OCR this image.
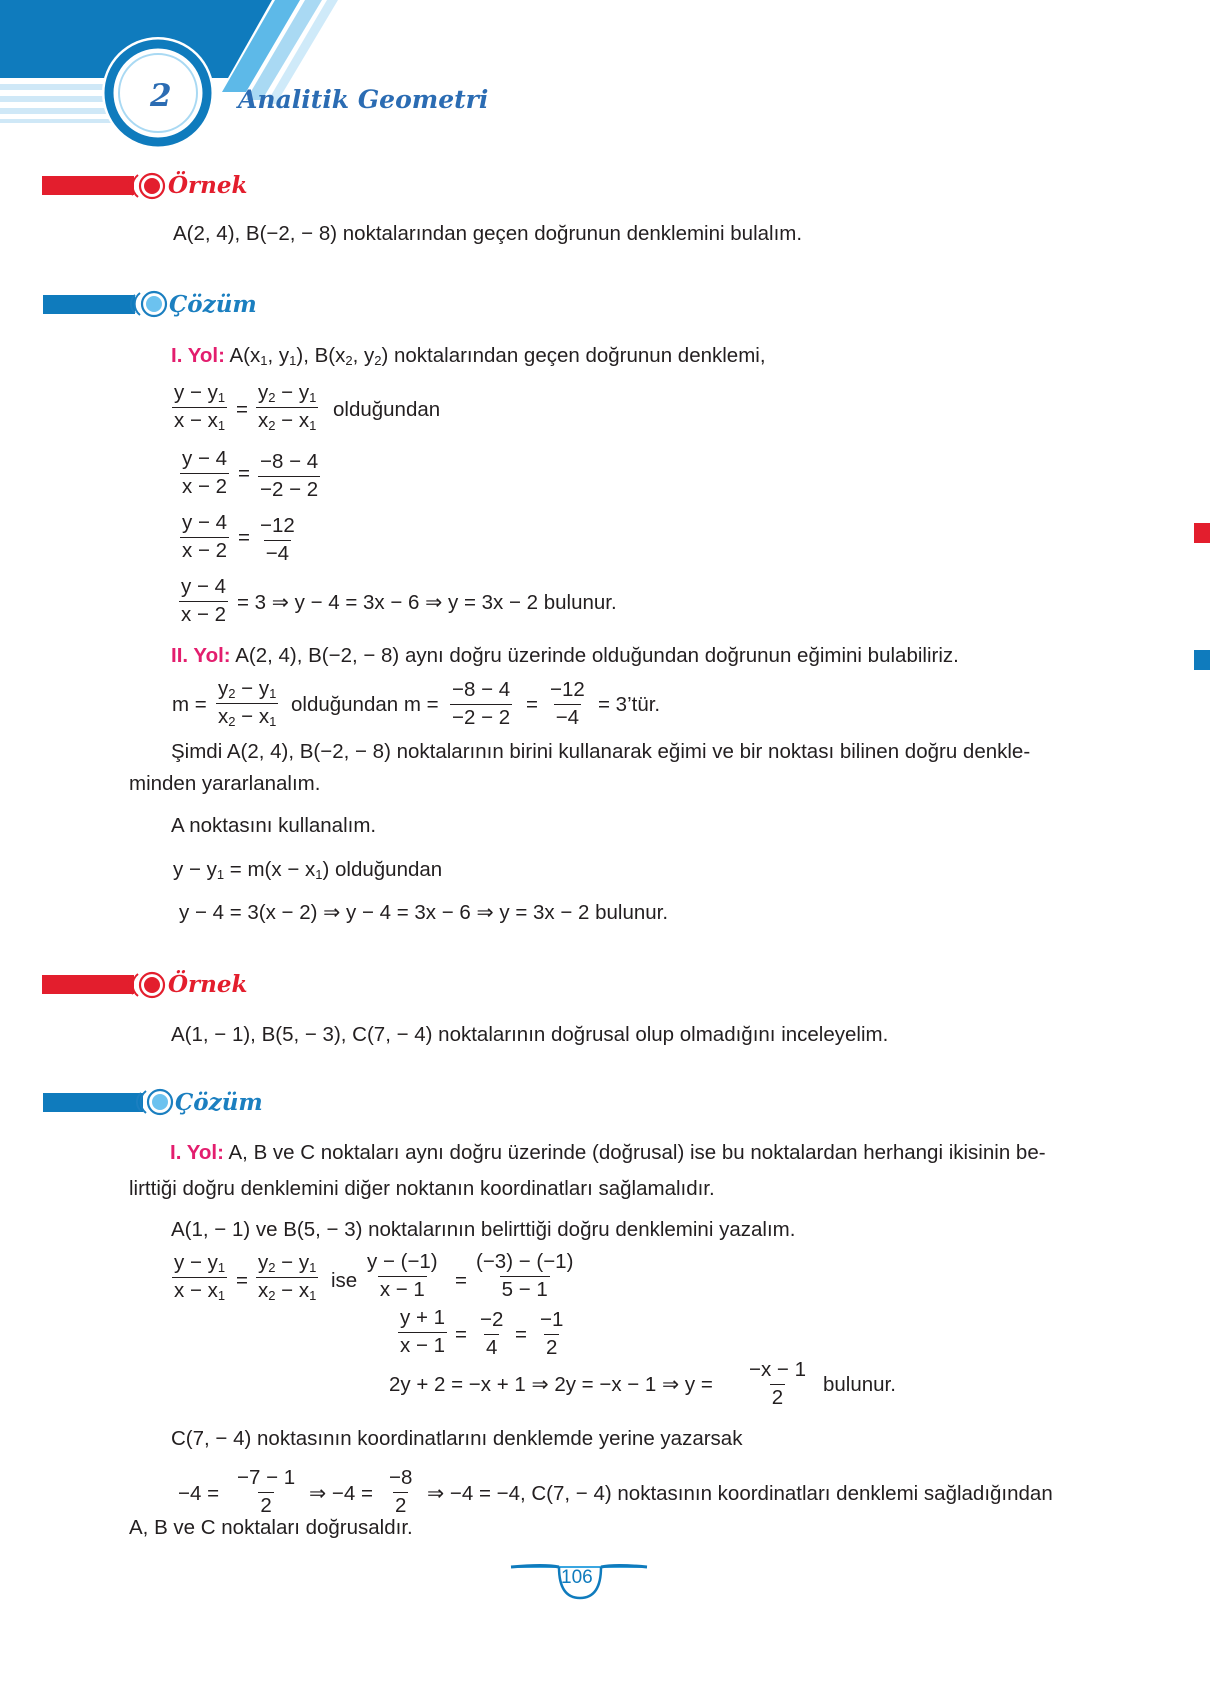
2	Analitik Geometri
Örnek
A(2, 4), B(−2, − 8) noktalarından geçen doğrunun denklemini bulalım.
Çözüm
I. Yol: $A(x_1$, $y_1$), $B(x_2$, $y_2$) noktalarından geçen doğrunun denklemi,
$\frac{y - y_1}{x - x_1} = \frac{y_2 - y_1}{x_2 - x_1}$ olduğundan
$\frac{y - 4}{x - 2} = \frac{-8 - 4}{-2 - 2}$
$\frac{y - 4}{x - 2} = \frac{-12}{-4}$
$\frac{y - 4}{x - 2} = 3$ ⇒ y − 4 = 3x − 6 ⇒ y = 3x − 2 bulunur.
II. Yol: A(2, 4), B(−2, − 8) aynı doğru üzerinde olduğundan doğrunun eğimini bulabiliriz.
$m = \frac{y_2 - y_1}{x_2 - x_1}$ olduğundan $m = \frac{-8 - 4}{-2 - 2} = \frac{-12}{-4}$ = 3’tür.
Şimdi A(2, 4), B(−2, − 8) noktalarının birini kullanarak eğimi ve bir noktası bilinen doğru denkle-
minden yararlanalım.
A noktasını kullanalım.
$y - y_1 = m(x - x_1)$ olduğundan
y − 4 = 3(x − 2) ⇒ y − 4 = 3x − 6 ⇒ y = 3x − 2 bulunur.
Örnek
A(1, − 1), B(5, − 3), C(7, − 4) noktalarının doğrusal olup olmadığını inceleyelim.
Çözüm
I. Yol: A, B ve C noktaları aynı doğru üzerinde (doğrusal) ise bu noktalardan herhangi ikisinin be-
lirttiği doğru denklemini diğer noktanın koordinatları sağlamalıdır.
A(1, − 1) ve B(5, − 3) noktalarının belirttiği doğru denklemini yazalım.
$\frac{y - y_1}{x - x_1} = \frac{y_2 - y_1}{x_2 - x_1}$ ise $\frac{y - (-1)}{x - 1} = \frac{(-3) - (-1)}{5 - 1}$
$\frac{y + 1}{x - 1} = \frac{-2}{4} = \frac{-1}{2}$
2y + 2 = −x + 1 ⇒ 2y = −x − 1 ⇒ $y = \frac{-x - 1}{2}$ bulunur.
C(7, − 4) noktasının koordinatlarını denklemde yerine yazarsak
$-4 = \frac{-7 - 1}{2}$ ⇒ $-4 = \frac{-8}{2}$ ⇒ −4 = −4, C(7, − 4) noktasının koordinatları denklemi sağladığından
A, B ve C noktaları doğrusaldır.
106
